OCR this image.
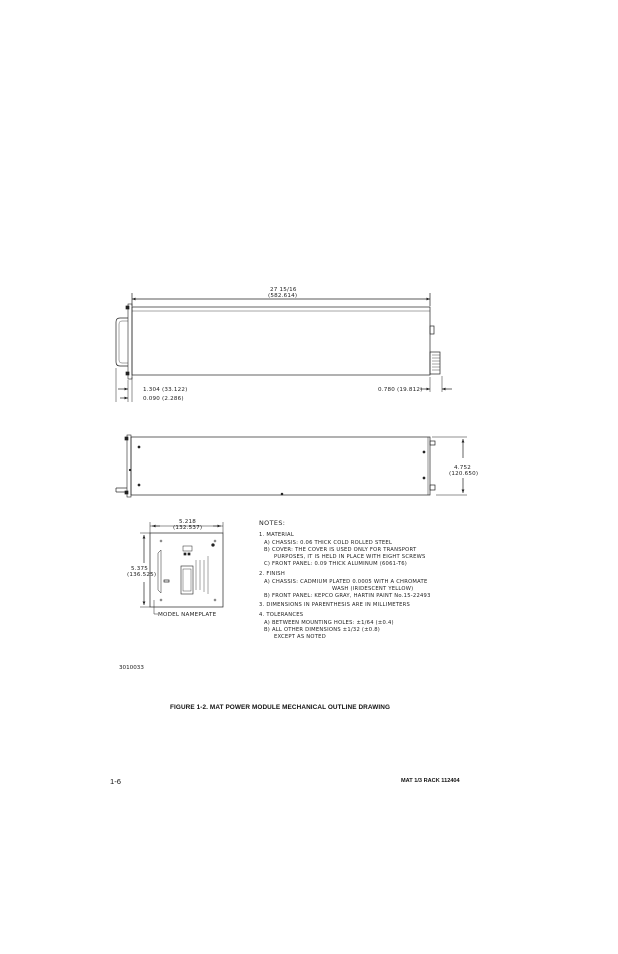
27 15/16
(582.614)
1.304 (33.122)
0.090 (2.286)
0.780 (19.812)
4.752
(120.650)
5.218
(132.537)
5.375
(136.525)
MODEL NAMEPLATE
NOTES:
1. MATERIAL
A) CHASSIS: 0.06 THICK COLD ROLLED STEEL
B) COVER: THE COVER IS USED ONLY FOR TRANSPORT
PURPOSES, IT IS HELD IN PLACE WITH EIGHT SCREWS
C) FRONT PANEL: 0.09 THICK ALUMINUM (6061-T6)
2. FINISH
A) CHASSIS: CADMIUM PLATED 0.0005 WITH A CHROMATE
WASH (IRIDESCENT YELLOW)
B) FRONT PANEL: KEPCO GRAY, HARTIN PAINT No.15-22493
3. DIMENSIONS IN PARENTHESIS ARE IN MILLIMETERS
4. TOLERANCES
A) BETWEEN MOUNTING HOLES: ±1/64 (±0.4)
B) ALL OTHER DIMENSIONS ±1/32 (±0.8)
EXCEPT AS NOTED
3010033
FIGURE 1-2. MAT POWER MODULE MECHANICAL OUTLINE DRAWING
1-6	MAT 1/3 RACK 112404
